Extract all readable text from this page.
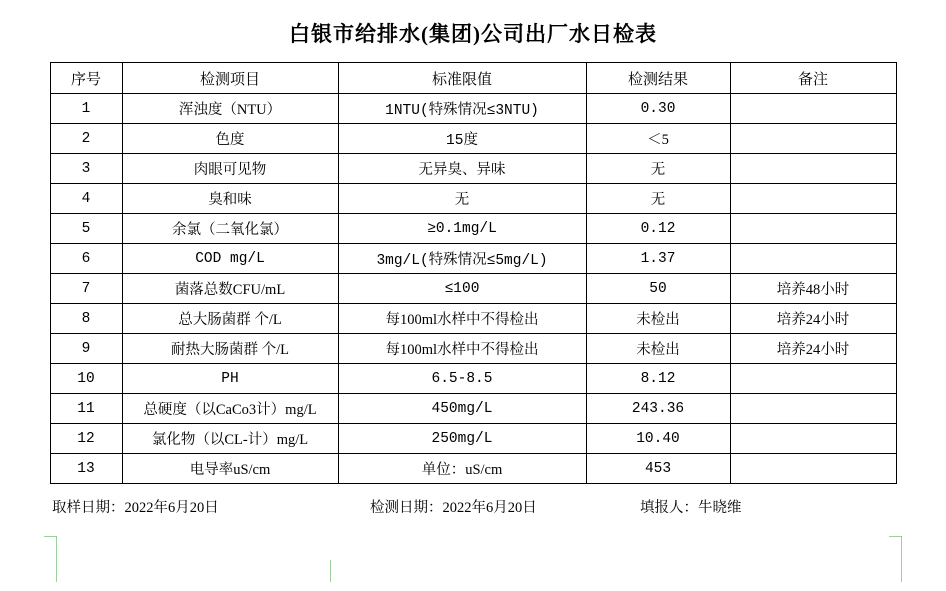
白银市给排水(集团)公司出厂水日检表
序号	检测项目	标准限值	检测结果	备注
1	浑浊度（NTU）	1NTU(特殊情况≤3NTU)	0.30	
2	色度	15度	＜5	
3	肉眼可见物	无异臭、异味	无	
4	臭和味	无	无	
5	余氯（二氧化氯）	≥0.1mg/L	0.12	
6	COD mg/L	3mg/L(特殊情况≤5mg/L)	1.37	
7	菌落总数CFU/mL	≤100	50	培养48小时
8	总大肠菌群 个/L	每100ml水样中不得检出	未检出	培养24小时
9	耐热大肠菌群 个/L	每100ml水样中不得检出	未检出	培养24小时
10	PH	6.5-8.5	8.12	
11	总硬度（以CaCo3计）mg/L	450mg/L	243.36	
12	氯化物（以CL-计）mg/L	250mg/L	10.40	
13	电导率uS/cm	单位：uS/cm	453	
取样日期：2022年6月20日	检测日期：2022年6月20日	填报人：牛晓维
